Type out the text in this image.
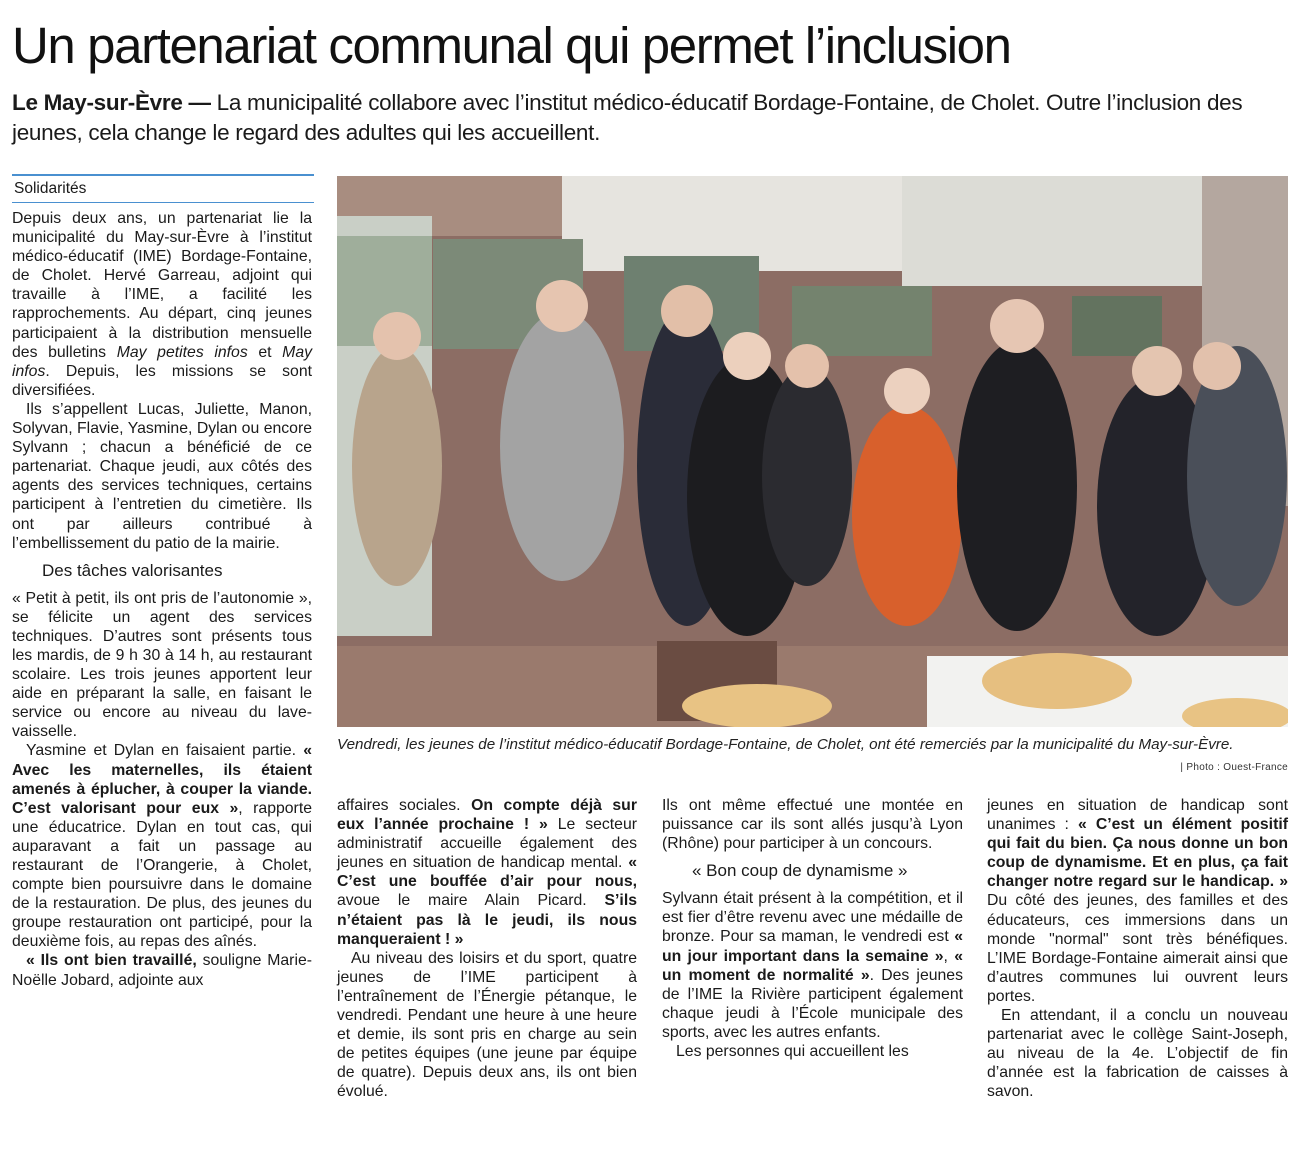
Un partenariat communal qui permet l’inclusion
Le May-sur-Èvre — La municipalité collabore avec l’institut médico-éducatif Bordage-Fontaine, de Cholet. Outre l’inclusion des jeunes, cela change le regard des adultes qui les accueillent.
Solidarités

Depuis deux ans, un partenariat lie la municipalité du May-sur-Èvre à l’institut médico-éducatif (IME) Bordage-Fontaine, de Cholet. Hervé Garreau, adjoint qui travaille à l’IME, a facilité les rapprochements. Au départ, cinq jeunes participaient à la distribution mensuelle des bulletins May petites infos et May infos. Depuis, les missions se sont diversifiées.

Ils s’appellent Lucas, Juliette, Manon, Solyvan, Flavie, Yasmine, Dylan ou encore Sylvann ; chacun a bénéficié de ce partenariat. Chaque jeudi, aux côtés des agents des services techniques, certains participent à l’entretien du cimetière. Ils ont par ailleurs contribué à l’embellissement du patio de la mairie.

Des tâches valorisantes

« Petit à petit, ils ont pris de l’autonomie », se félicite un agent des services techniques. D’autres sont présents tous les mardis, de 9 h 30 à 14 h, au restaurant scolaire. Les trois jeunes apportent leur aide en préparant la salle, en faisant le service ou encore au niveau du lave-vaisselle.

Yasmine et Dylan en faisaient partie. « Avec les maternelles, ils étaient amenés à éplucher, à couper la viande. C’est valorisant pour eux », rapporte une éducatrice. Dylan en tout cas, qui auparavant a fait un passage au restaurant de l’Orangerie, à Cholet, compte bien poursuivre dans le domaine de la restauration. De plus, des jeunes du groupe restauration ont participé, pour la deuxième fois, au repas des aînés.

« Ils ont bien travaillé, souligne Marie-Noëlle Jobard, adjointe aux

Vendredi, les jeunes de l’institut médico-éducatif Bordage-Fontaine, de Cholet, ont été remerciés par la municipalité du May-sur-Èvre.
| Photo : Ouest-France

affaires sociales. On compte déjà sur eux l’année prochaine ! » Le secteur administratif accueille également des jeunes en situation de handicap mental. « C’est une bouffée d’air pour nous, avoue le maire Alain Picard. S’ils n’étaient pas là le jeudi, ils nous manqueraient ! »

Au niveau des loisirs et du sport, quatre jeunes de l’IME participent à l’entraînement de l’Énergie pétanque, le vendredi. Pendant une heure à une heure et demie, ils sont pris en charge au sein de petites équipes (une jeune par équipe de quatre). Depuis deux ans, ils ont bien évolué.

Ils ont même effectué une montée en puissance car ils sont allés jusqu’à Lyon (Rhône) pour participer à un concours.

« Bon coup de dynamisme »

Sylvann était présent à la compétition, et il est fier d’être revenu avec une médaille de bronze. Pour sa maman, le vendredi est « un jour important dans la semaine », « un moment de normalité ». Des jeunes de l’IME la Rivière participent également chaque jeudi à l’École municipale des sports, avec les autres enfants.

Les personnes qui accueillent les

jeunes en situation de handicap sont unanimes : « C’est un élément positif qui fait du bien. Ça nous donne un bon coup de dynamisme. Et en plus, ça fait changer notre regard sur le handicap. » Du côté des jeunes, des familles et des éducateurs, ces immersions dans un monde "normal" sont très bénéfiques. L’IME Bordage-Fontaine aimerait ainsi que d’autres communes lui ouvrent leurs portes.

En attendant, il a conclu un nouveau partenariat avec le collège Saint-Joseph, au niveau de la 4e. L’objectif de fin d’année est la fabrication de caisses à savon.
